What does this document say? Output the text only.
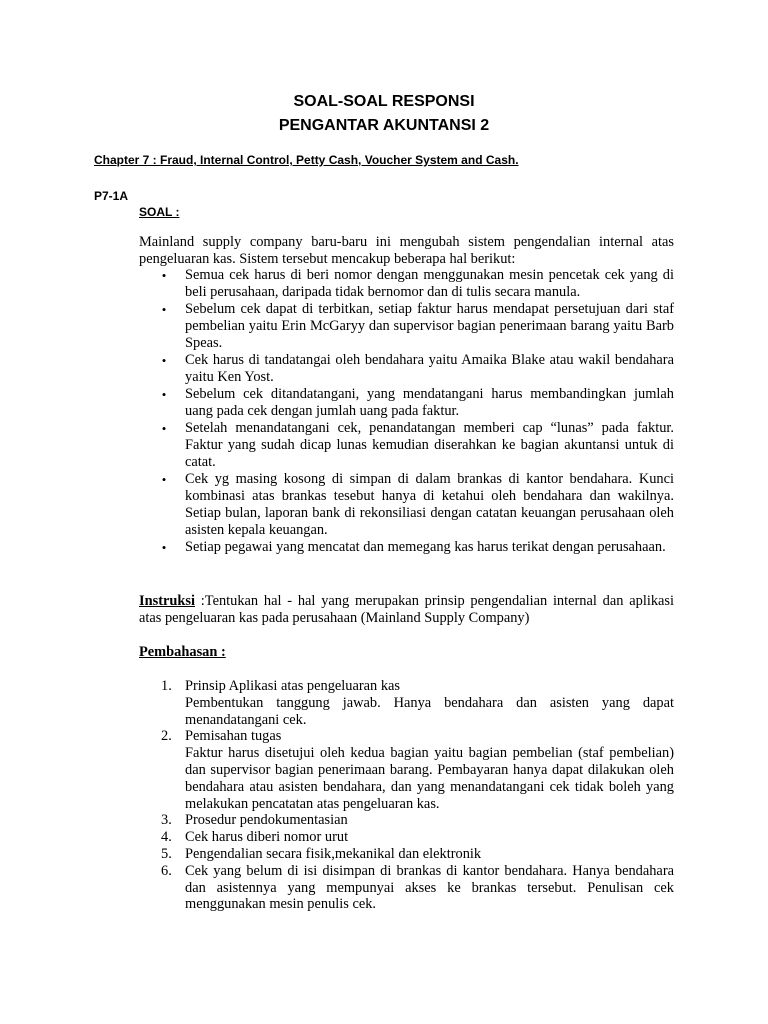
SOAL-SOAL RESPONSI
PENGANTAR AKUNTANSI 2
Chapter 7 : Fraud, Internal Control, Petty Cash, Voucher System and Cash.
P7-1A
SOAL :
Mainland supply company baru-baru ini mengubah sistem pengendalian internal atas pengeluaran kas. Sistem tersebut mencakup beberapa hal berikut:
• Semua cek harus di beri nomor dengan menggunakan mesin pencetak cek yang di beli perusahaan, daripada tidak bernomor dan di tulis secara manula.
• Sebelum cek dapat di terbitkan, setiap faktur harus mendapat persetujuan dari staf pembelian yaitu Erin McGaryy dan supervisor bagian penerimaan barang yaitu Barb Speas.
• Cek harus di tandatangai oleh bendahara yaitu Amaika Blake atau wakil bendahara yaitu Ken Yost.
• Sebelum cek ditandatangani, yang mendatangani harus membandingkan jumlah uang pada cek dengan jumlah uang pada faktur.
• Setelah menandatangani cek, penandatangan memberi cap “lunas” pada faktur. Faktur yang sudah dicap lunas kemudian diserahkan ke bagian akuntansi untuk di catat.
• Cek yg masing kosong di simpan di dalam brankas di kantor bendahara. Kunci kombinasi atas brankas tesebut hanya di ketahui oleh bendahara dan wakilnya. Setiap bulan, laporan bank di rekonsiliasi dengan catatan keuangan perusahaan oleh asisten kepala keuangan.
• Setiap pegawai yang mencatat dan memegang kas harus terikat dengan perusahaan.
Instruksi :Tentukan hal - hal yang merupakan prinsip pengendalian internal dan aplikasi atas pengeluaran kas pada perusahaan (Mainland Supply Company)
Pembahasan :
1. Prinsip Aplikasi atas pengeluaran kas
Pembentukan tanggung jawab. Hanya bendahara dan asisten yang dapat menandatangani cek.
2. Pemisahan tugas
Faktur harus disetujui oleh kedua bagian yaitu bagian pembelian (staf pembelian) dan supervisor bagian penerimaan barang. Pembayaran hanya dapat dilakukan oleh bendahara atau asisten bendahara, dan yang menandatangani cek tidak boleh yang melakukan pencatatan atas pengeluaran kas.
3. Prosedur pendokumentasian
4. Cek harus diberi nomor urut
5. Pengendalian secara fisik,mekanikal dan elektronik
6. Cek yang belum di isi disimpan di brankas di kantor bendahara. Hanya bendahara dan asistennya yang mempunyai akses ke brankas tersebut. Penulisan cek menggunakan mesin penulis cek.
